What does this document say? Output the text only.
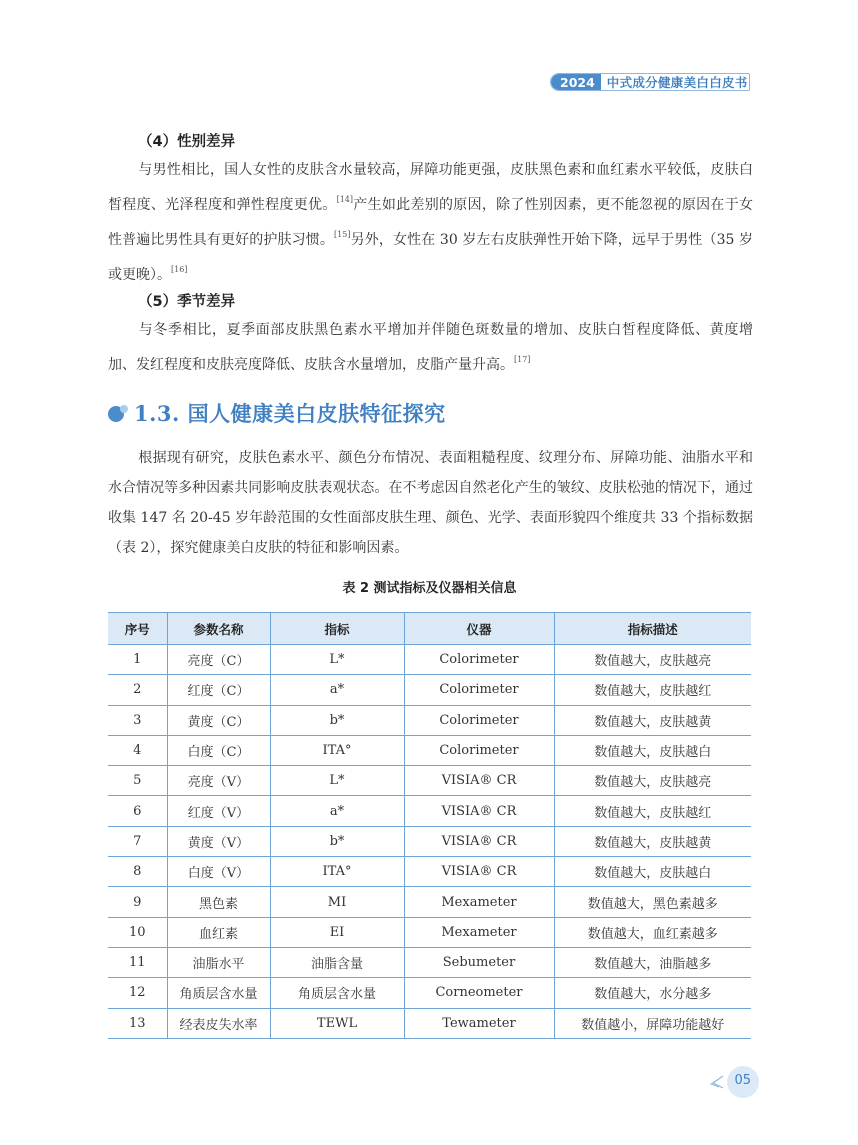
2024 中式成分健康美白白皮书
（4）性别差异
与男性相比，国人女性的皮肤含水量较高，屏障功能更强，皮肤黑色素和血红素水平较低，皮肤白皙程度、光泽程度和弹性程度更优。[14]产生如此差别的原因，除了性别因素，更不能忽视的原因在于女性普遍比男性具有更好的护肤习惯。[15]另外，女性在 30 岁左右皮肤弹性开始下降，远早于男性（35 岁或更晚）。[16]
（5）季节差异
与冬季相比，夏季面部皮肤黑色素水平增加并伴随色斑数量的增加、皮肤白皙程度降低、黄度增加、发红程度和皮肤亮度降低、皮肤含水量增加，皮脂产量升高。[17]
1.3. 国人健康美白皮肤特征探究
根据现有研究，皮肤色素水平、颜色分布情况、表面粗糙程度、纹理分布、屏障功能、油脂水平和水合情况等多种因素共同影响皮肤表观状态。在不考虑因自然老化产生的皱纹、皮肤松弛的情况下，通过收集 147 名 20-45 岁年龄范围的女性面部皮肤生理、颜色、光学、表面形貌四个维度共 33 个指标数据（表 2），探究健康美白皮肤的特征和影响因素。
表 2 测试指标及仪器相关信息
序号	参数名称	指标	仪器	指标描述
1	亮度（C）	L*	Colorimeter	数值越大，皮肤越亮
2	红度（C）	a*	Colorimeter	数值越大，皮肤越红
3	黄度（C）	b*	Colorimeter	数值越大，皮肤越黄
4	白度（C）	ITA°	Colorimeter	数值越大，皮肤越白
5	亮度（V）	L*	VISIA® CR	数值越大，皮肤越亮
6	红度（V）	a*	VISIA® CR	数值越大，皮肤越红
7	黄度（V）	b*	VISIA® CR	数值越大，皮肤越黄
8	白度（V）	ITA°	VISIA® CR	数值越大，皮肤越白
9	黑色素	MI	Mexameter	数值越大，黑色素越多
10	血红素	EI	Mexameter	数值越大，血红素越多
11	油脂水平	油脂含量	Sebumeter	数值越大，油脂越多
12	角质层含水量	角质层含水量	Corneometer	数值越大，水分越多
13	经表皮失水率	TEWL	Tewameter	数值越小，屏障功能越好
05
